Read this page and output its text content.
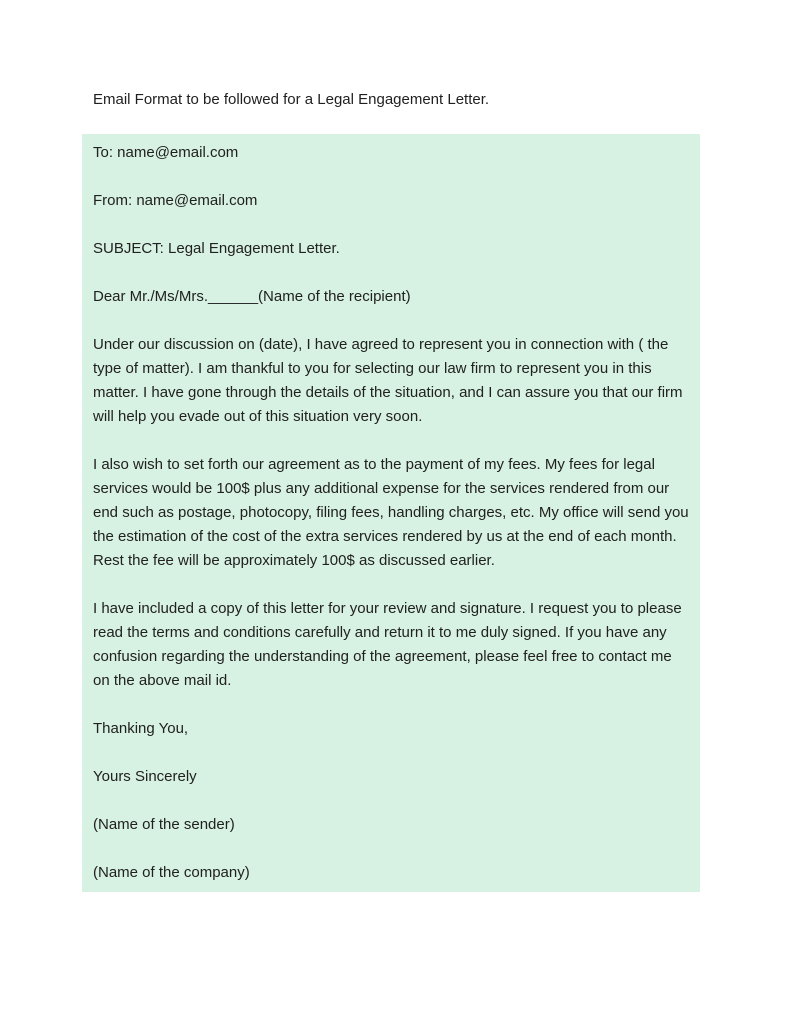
Email Format to be followed for a Legal Engagement Letter.

To: name@email.com

From: name@email.com

SUBJECT: Legal Engagement Letter.

Dear Mr./Ms/Mrs.______(Name of the recipient)

Under our discussion on (date), I have agreed to represent you in connection with ( the type of matter). I am thankful to you for selecting our law firm to represent you in this matter. I have gone through the details of the situation, and I can assure you that our firm will help you evade out of this situation very soon.

I also wish to set forth our agreement as to the payment of my fees. My fees for legal services would be 100$ plus any additional expense for the services rendered from our end such as postage, photocopy, filing fees, handling charges, etc. My office will send you the estimation of the cost of the extra services rendered by us at the end of each month. Rest the fee will be approximately 100$ as discussed earlier.

I have included a copy of this letter for your review and signature. I request you to please read the terms and conditions carefully and return it to me duly signed. If you have any confusion regarding the understanding of the agreement, please feel free to contact me on the above mail id.

Thanking You,

Yours Sincerely

(Name of the sender)

(Name of the company)
